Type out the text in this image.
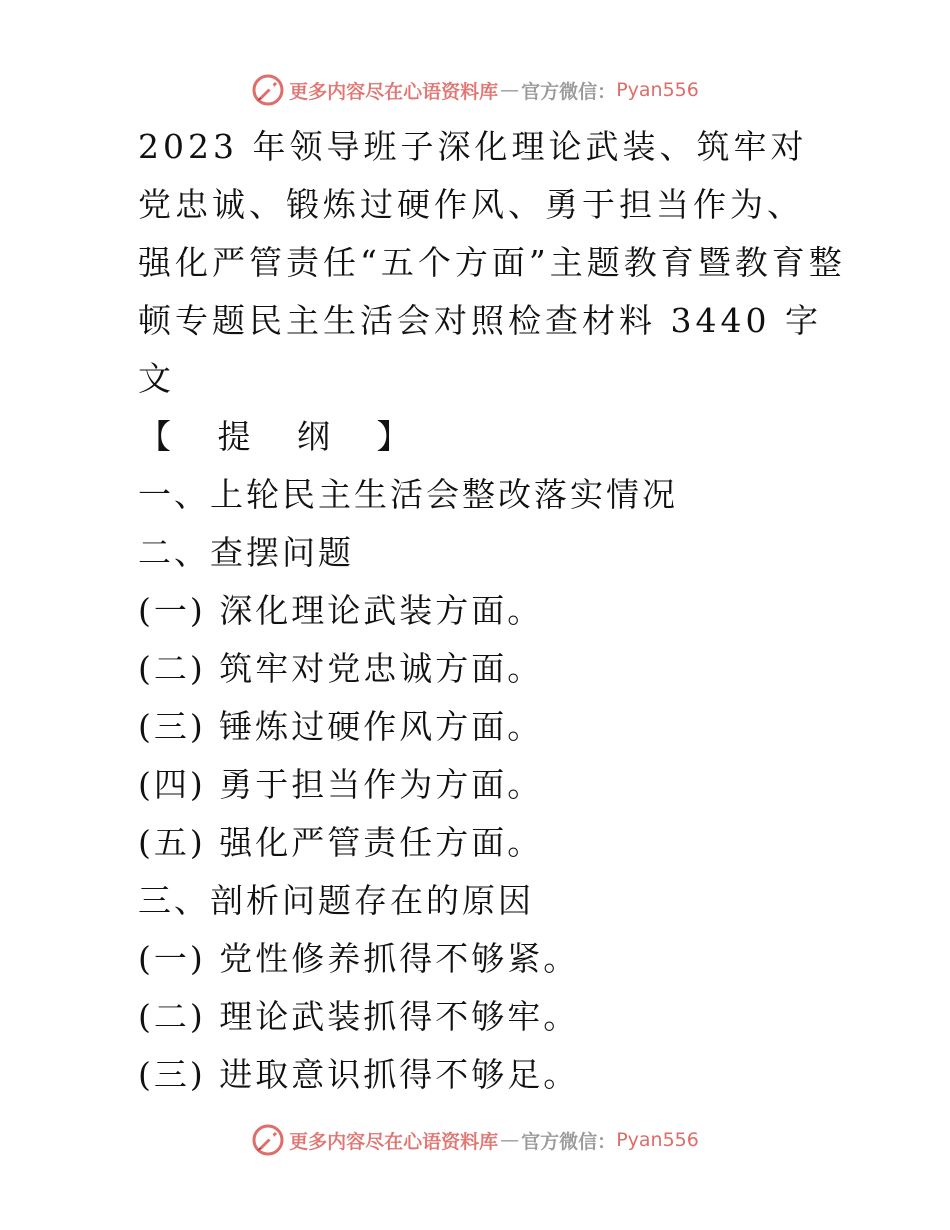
更多内容尽在心语资料库 — 官方微信： Pyan556
2023 年领导班子深化理论武装、筑牢对
党忠诚、锻炼过硬作风、勇于担当作为、
强化严管责任“五个方面”主题教育暨教育整
顿专题民主生活会对照检查材料 3440 字
文
【 提 纲 】
一、上轮民主生活会整改落实情况
二、查摆问题
(一) 深化理论武装方面。
(二) 筑牢对党忠诚方面。
(三) 锤炼过硬作风方面。
(四) 勇于担当作为方面。
(五) 强化严管责任方面。
三、剖析问题存在的原因
(一) 党性修养抓得不够紧。
(二) 理论武装抓得不够牢。
(三) 进取意识抓得不够足。
更多内容尽在心语资料库 — 官方微信： Pyan556
